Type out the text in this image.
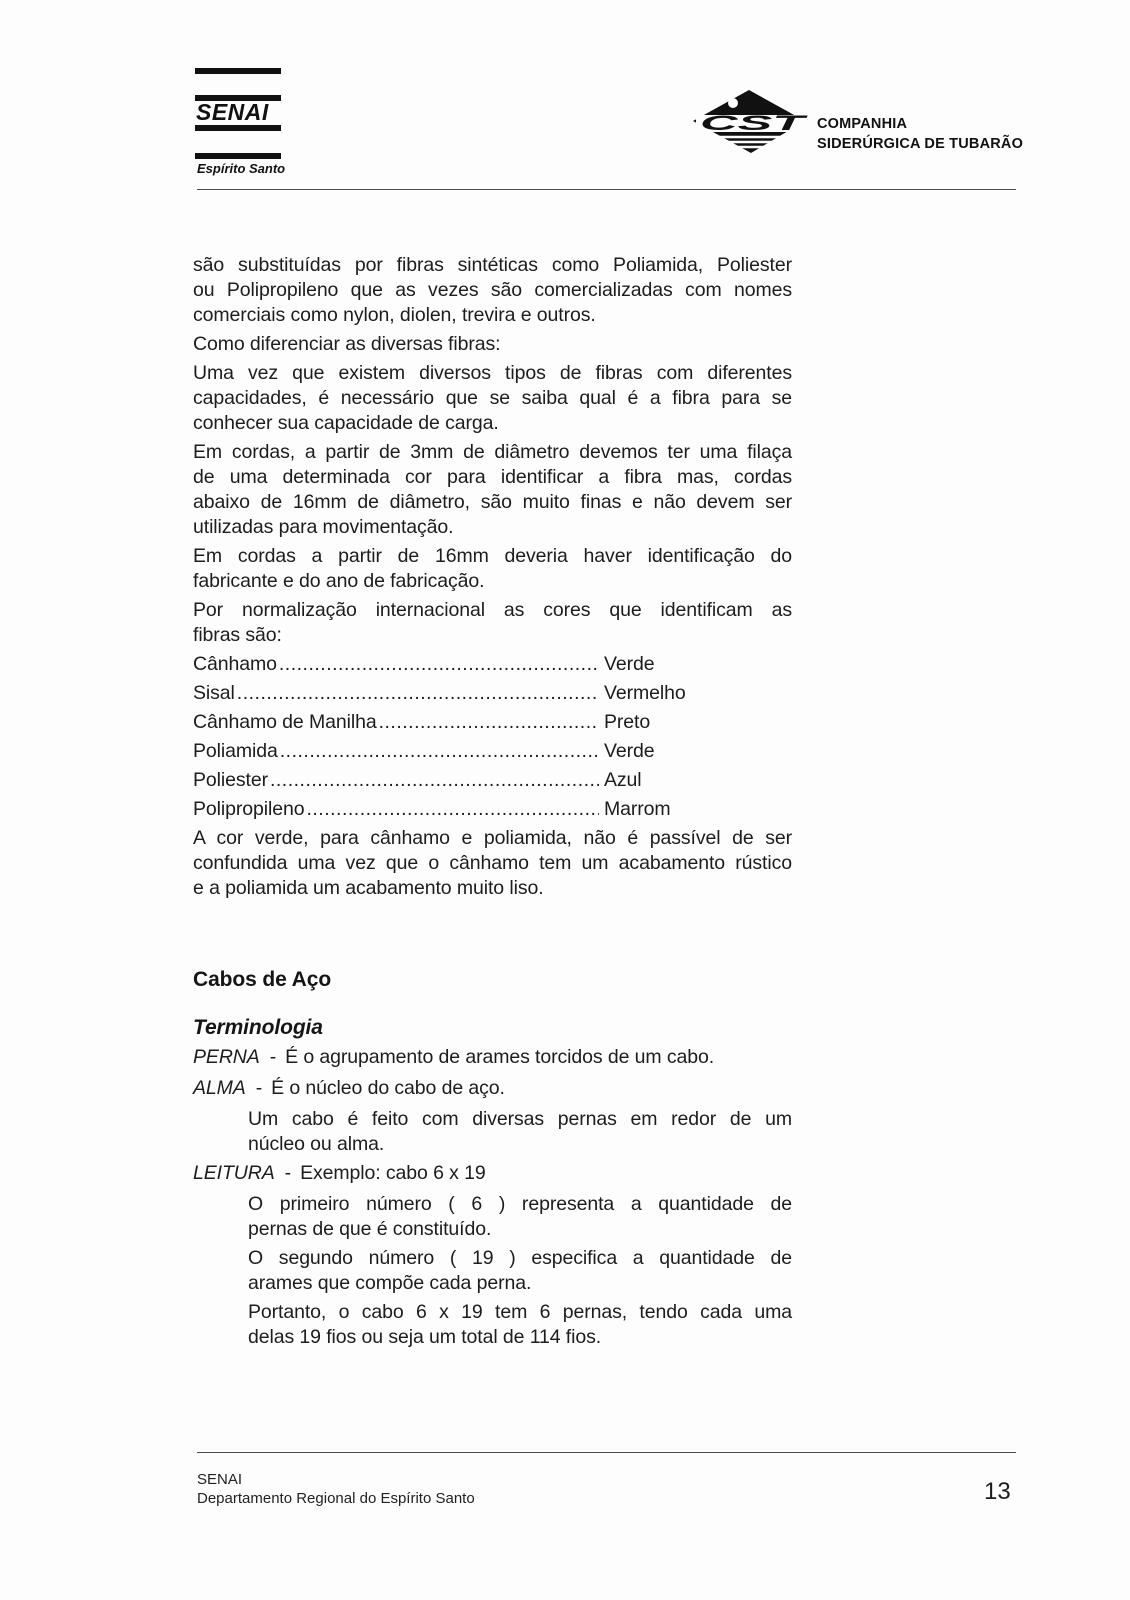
SENAI
Espírito Santo
CST COMPANHIA
SIDERÚRGICA DE TUBARÃO
são substituídas por fibras sintéticas como Poliamida, Poliester
ou Polipropileno que as vezes são comercializadas com nomes
comerciais como nylon, diolen, trevira e outros.
Como diferenciar as diversas fibras:
Uma vez que existem diversos tipos de fibras com diferentes
capacidades, é necessário que se saiba qual é a fibra para se
conhecer sua capacidade de carga.
Em cordas, a partir de 3mm de diâmetro devemos ter uma filaça
de uma determinada cor para identificar a fibra mas, cordas
abaixo de 16mm de diâmetro, são muito finas e não devem ser
utilizadas para movimentação.
Em cordas a partir de 16mm deveria haver identificação do
fabricante e do ano de fabricação.
Por normalização internacional as cores que identificam as
fibras são:
Cânhamo .....	Verde
Sisal .....	Vermelho
Cânhamo de Manilha .....	Preto
Poliamida .....	Verde
Poliester .....	Azul
Polipropileno .....	Marrom
A cor verde, para cânhamo e poliamida, não é passível de ser
confundida uma vez que o cânhamo tem um acabamento rústico
e a poliamida um acabamento muito liso.
Cabos de Aço
Terminologia
PERNA - É o agrupamento de arames torcidos de um cabo.
ALMA - É o núcleo do cabo de aço.
Um cabo é feito com diversas pernas em redor de um
núcleo ou alma.
LEITURA - Exemplo: cabo 6 x 19
O primeiro número ( 6 ) representa a quantidade de
pernas de que é constituído.
O segundo número ( 19 ) especifica a quantidade de
arames que compõe cada perna.
Portanto, o cabo 6 x 19 tem 6 pernas, tendo cada uma
delas 19 fios ou seja um total de 114 fios.
SENAI
Departamento Regional do Espírito Santo	13
